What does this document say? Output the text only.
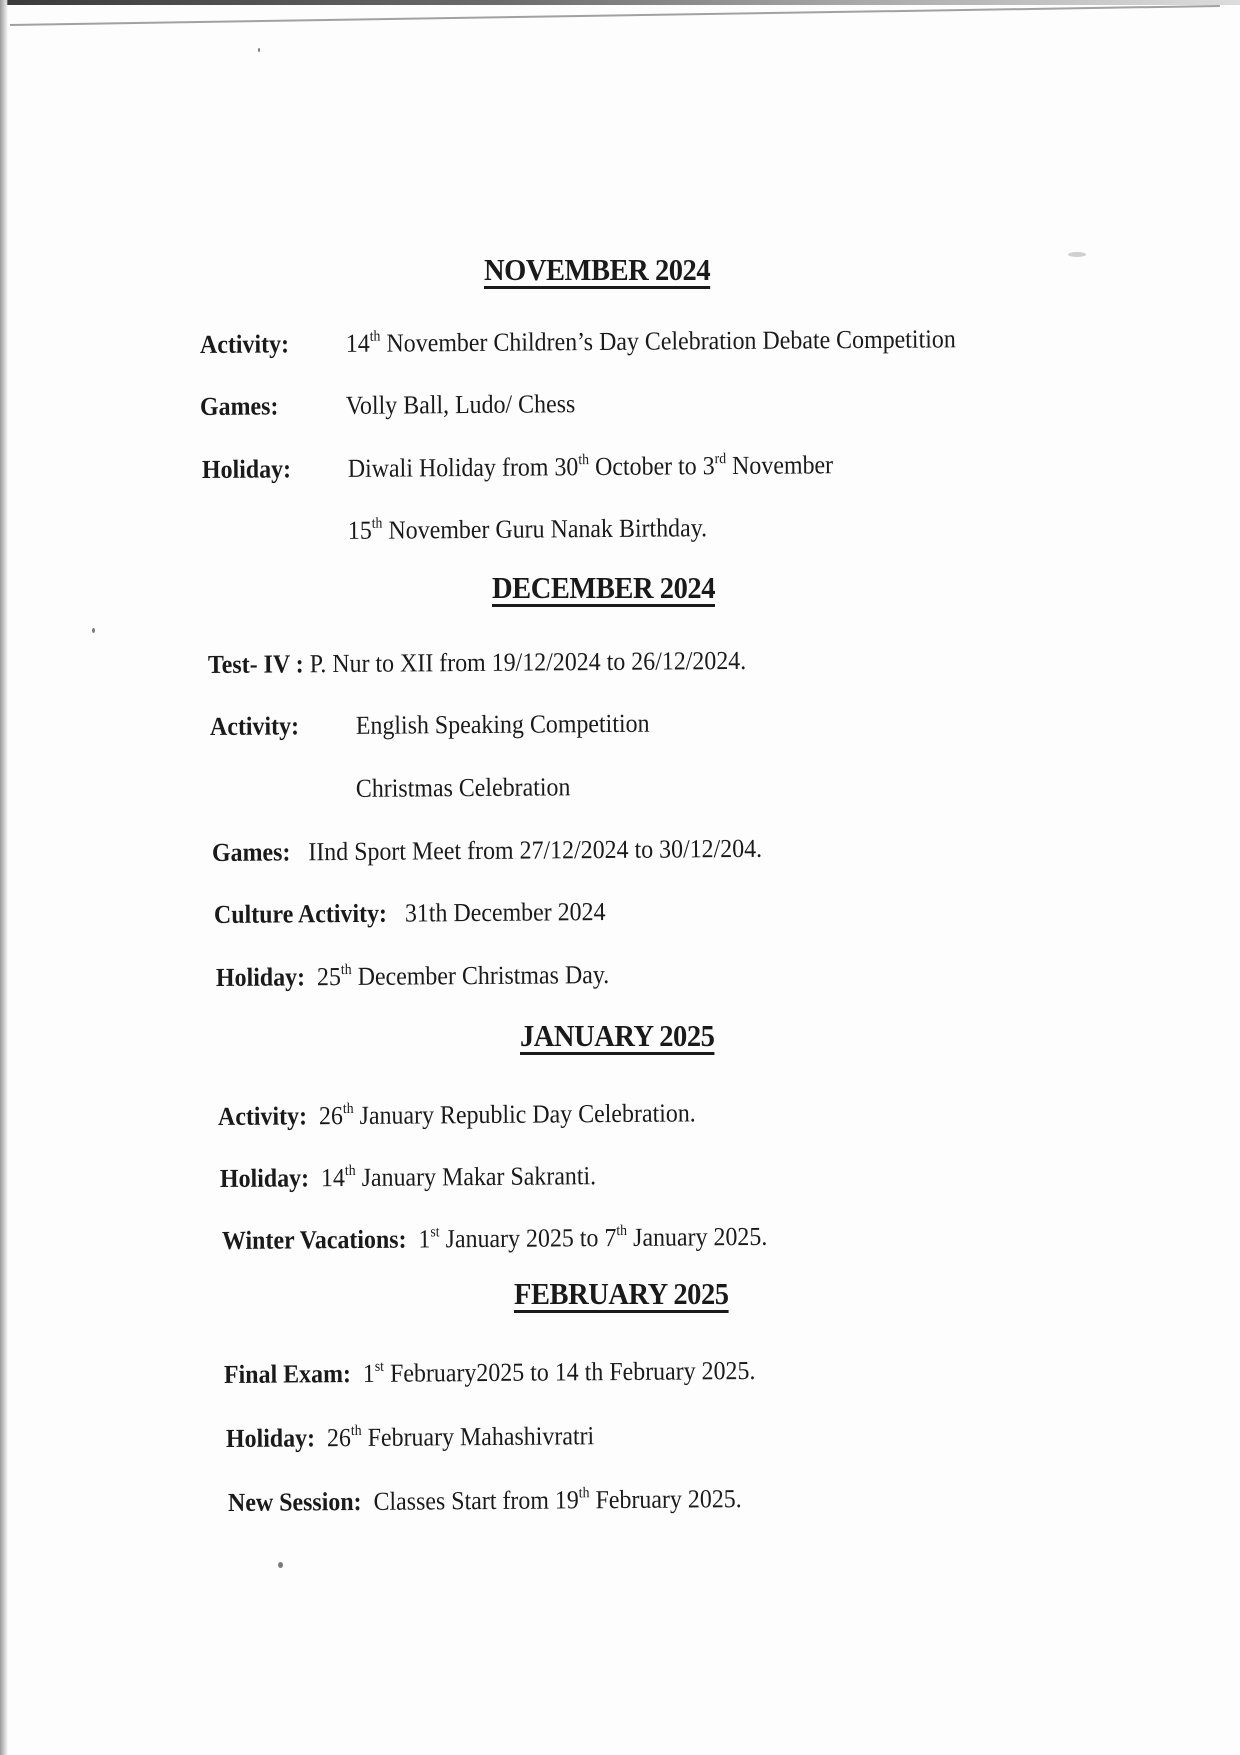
NOVEMBER 2024
Activity: 14th November Children’s Day Celebration Debate Competition
Games:	Volly Ball, Ludo/ Chess
Holiday: Diwali Holiday from 30th October to 3rd November
15th November Guru Nanak Birthday.
DECEMBER 2024
Test- IV : P. Nur to XII from 19/12/2024 to 26/12/2024.
Activity: English Speaking Competition
Christmas Celebration
Games:   IInd Sport Meet from 27/12/2024 to 30/12/204.
Culture Activity:   31th December 2024
Holiday:  25th December Christmas Day.
JANUARY 2025
Activity:  26th January Republic Day Celebration.
Holiday:  14th January Makar Sakranti.
Winter Vacations:  1st January 2025 to 7th January 2025.
FEBRUARY 2025
Final Exam:  1st February2025 to 14 th February 2025.
Holiday:  26th February Mahashivratri
New Session:  Classes Start from 19th February 2025.
